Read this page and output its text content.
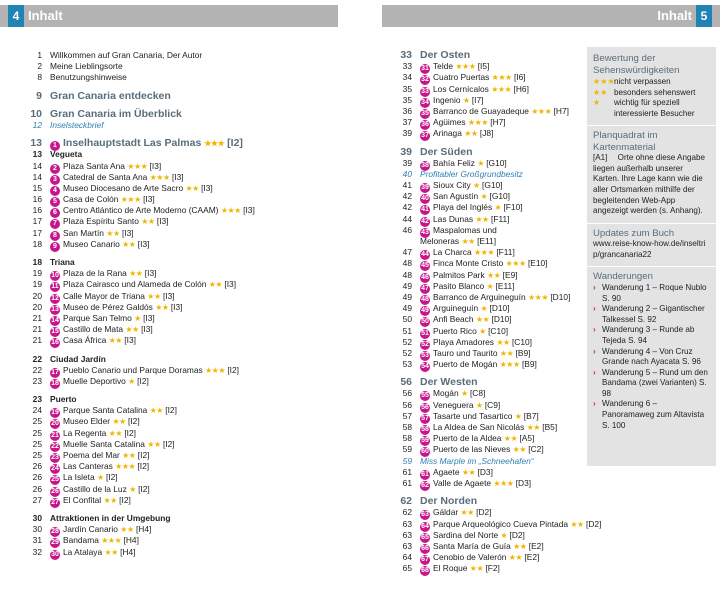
4 Inhalt	Inhalt 5
1 Willkommen auf Gran Canaria, Der Autor
2 Meine Lieblingsorte
8 Benutzungshinweise
9 Gran Canaria entdecken
10 Gran Canaria im Überblick
12 Inselsteckbrief
13	1 Inselhauptstadt Las Palmas ★★★ [I2]
13 Vegueta
14	2 Plaza Santa Ana ★★★ [I3]
14	3 Catedral de Santa Ana ★★★ [I3]
15	4 Museo Diocesano de Arte Sacro ★★ [I3]
16	5 Casa de Colón ★★★ [I3]
16	6 Centro Atlántico de Arte Moderno (CAAM) ★★★ [I3]
17	7 Plaza Espíritu Santo ★★ [I3]
17	8 San Martín ★★ [I3]
18	9 Museo Canario ★★ [I3]
18 Triana
19 10 Plaza de la Rana ★★ [I3]
19 11 Plaza Cairasco und Alameda de Colón ★★ [I3]
20 12 Calle Mayor de Triana ★★ [I3]
20 13 Museo de Pérez Galdós ★★ [I3]
21 14 Parque San Telmo ★ [I3]
21 15 Castillo de Mata ★★ [I3]
21 16 Casa África ★★ [I3]
22 Ciudad Jardín
22 17 Pueblo Canario und Parque Doramas ★★★ [I2]
23 18 Muelle Deportivo ★ [I2]
23 Puerto
24 19 Parque Santa Catalina ★★ [I2]
25 20 Museo Elder ★★ [I2]
25 21 La Regenta ★★ [I2]
25 22 Muelle Santa Catalina ★★ [I2]
25 23 Poema del Mar ★★ [I2]
26 24 Las Canteras ★★★ [I2]
26 25 La Isleta ★ [I2]
26 26 Castillo de la Luz ★ [I2]
27 27 El Confital ★★ [I2]
30 Attraktionen in der Umgebung
30 28 Jardín Canario ★★ [H4]
31 29 Bandama ★★★ [H4]
32 30 La Atalaya ★★ [H4]
33 Der Osten
33 31 Telde ★★★ [I5]
34 32 Cuatro Puertas ★★★ [I6]
35 33 Los Cernícalos ★★★ [H6]
35 34 Ingenio ★ [I7]
36 35 Barranco de Guayadeque ★★★ [H7]
37 36 Agüimes ★★★ [H7]
39 37 Arinaga ★★ [J8]
39 Der Süden
39 38 Bahía Feliz ★ [G10]
40 Profitabler Großgrundbesitz
41 39 Sioux City ★ [G10]
42 40 San Agustín ★ [G10]
42 41 Playa del Inglés ★ [F10]
44 42 Las Dunas ★★ [F11]
46 43 Maspalomas und
Meloneras ★★ [E11]
47 44 La Charca ★★★ [F11]
48 45 Finca Monte Cristo ★★★ [E10]
48 46 Palmitos Park ★★ [E9]
49 47 Pasito Blanco ★ [E11]
49 48 Barranco de Arguineguín ★★★ [D10]
49 49 Arguineguín ★ [D10]
50 50 Anfi Beach ★★ [D10]
51 51 Puerto Rico ★ [C10]
52 52 Playa Amadores ★★ [C10]
52 53 Tauro und Taurito ★★ [B9]
53 54 Puerto de Mogán ★★★ [B9]
56 Der Westen
56 55 Mogán ★ [C8]
56 56 Veneguera ★ [C9]
57 57 Tasarte und Tasartico ★ [B7]
58 58 La Aldea de San Nicolás ★★ [B5]
58 59 Puerto de la Aldea ★★ [A5]
59 60 Puerto de las Nieves ★★ [C2]
59 Miss Marple im „Schneehafen“
61 61 Agaete ★★ [D3]
61 62 Valle de Agaete ★★★ [D3]
62 Der Norden
62 63 Gáldar ★★ [D2]
63 64 Parque Arqueológico Cueva Pintada ★★ [D2]
63 65 Sardina del Norte ★ [D2]
63 66 Santa María de Guía ★★ [E2]
64 67 Cenobio de Valerón ★★ [E2]
65 68 El Roque ★★ [F2]
Bewertung der Sehenswürdigkeiten
★★★ nicht verpassen
★★ besonders sehenswert
★ wichtig für speziell interessierte Besucher
Planquadrat im Kartenmaterial
[A1] Orte ohne diese Angabe liegen außerhalb unserer Karten. Ihre Lage kann wie die aller Ortsmarken mithilfe der begleitenden Web-App angezeigt werden (s. Anhang).
Updates zum Buch
www.reise-know-how.de/inseltrip/grancanaria22
Wanderungen
› Wanderung 1 – Roque Nublo S. 90
› Wanderung 2 – Gigantischer Talkessel S. 92
› Wanderung 3 – Runde ab Tejeda S. 94
› Wanderung 4 – Von Cruz Grande nach Ayacata S. 96
› Wanderung 5 – Rund um den Bandama (zwei Varianten) S. 98
› Wanderung 6 – Panoramaweg zum Altavista S. 100
